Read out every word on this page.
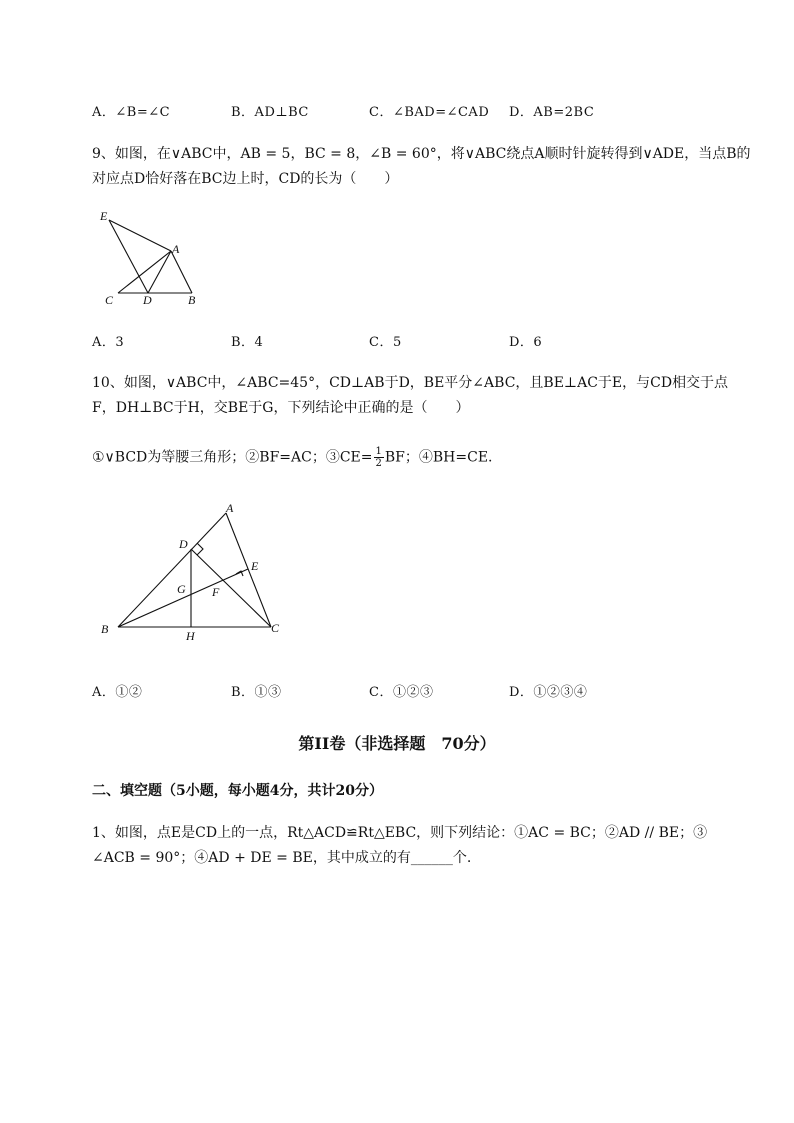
A．∠B=∠C	B．AD⊥BC	C．∠BAD=∠CAD D．AB=2BC
9、如图，在∨ABC中，AB = 5，BC = 8，∠B = 60°，将∨ABC绕点A顺时针旋转得到∨ADE，当点B的
对应点D恰好落在BC边上时，CD的长为（　　）
E
A
C D	B
A．3	B．4	C．5	D．6
10、如图，∨ABC中，∠ABC=45°，CD⊥AB于D，BE平分∠ABC，且BE⊥AC于E，与CD相交于点
F，DH⊥BC于H，交BE于G，下列结论中正确的是（　　）
①∨BCD为等腰三角形；②BF=AC；③CE= $\frac{1}{2}$ BF；④BH=CE.
A
D
E
G F
B	H
C
A．①②	B．①③	C．①②③	D．①②③④
第II卷（非选择题　70分）
二、填空题（5小题，每小题4分，共计20分）
1、如图，点E是CD上的一点，Rt△ACD≌Rt△EBC，则下列结论：①AC = BC；②AD // BE；③
∠ACB = 90°；④AD + DE = BE，其中成立的有______个.
